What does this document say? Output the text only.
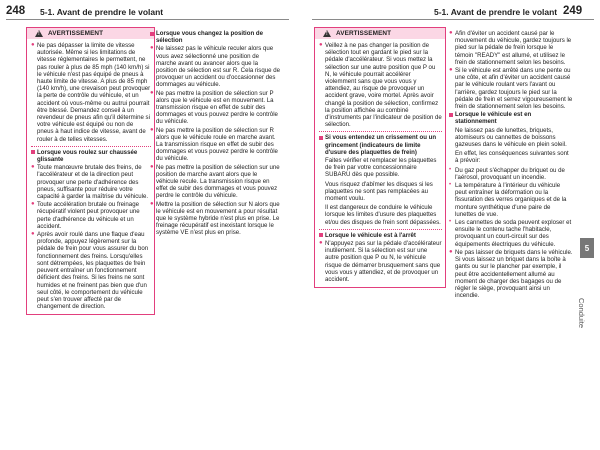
248 5-1. Avant de prendre le volant	5-1. Avant de prendre le volant 249
!
AVERTISSEMENT
● Ne pas dépasser la limite de vitesse autorisée. Même si les limitations de vitesse réglementaires le permettent, ne pas rouler à plus de 85 mph (140 km/h) si le véhicule n'est pas équipé de pneus à haute limite de vitesse. A plus de 85 mph (140 km/h), une crevaison peut provoquer la perte de contrôle du véhicule, et un accident où vous-même ou autrui pourrait être blessé. Demandez conseil à un revendeur de pneus afin qu'il détermine si votre véhicule est équipé ou non de pneus à haut indice de vitesse, avant de rouler à de telles vitesses.
Lorsque vous roulez sur chaussée glissante
● Toute manœuvre brutale des freins, de l'accélérateur et de la direction peut provoquer une perte d'adhérence des pneus, suffisante pour réduire votre capacité à garder la maîtrise du véhicule.
● Toute accélération brutale ou freinage récupératif violent peut provoquer une perte d'adhérence du véhicule et un accident.
● Après avoir roulé dans une flaque d'eau profonde, appuyez légèrement sur la pédale de frein pour vous assurer du bon fonctionnement des freins. Lorsqu'elles sont détrempées, les plaquettes de frein peuvent entraîner un fonctionnement déficient des freins. Si les freins ne sont humides et ne freinent pas bien que d'un seul côté, le comportement du véhicule peut s'en trouver affecté par de changement de direction.
Lorsque vous changez la position de sélection
● Ne laissez pas le véhicule reculer alors que vous avez sélectionné une position de marche avant ou avancer alors que la position de sélection est sur R. Cela risque de provoquer un accident ou d'occasionner des dommages au véhicule.
● Ne pas mettre la position de sélection sur P alors que le véhicule est en mouvement. La transmission risque en effet de subir des dommages et vous pouvez perdre le contrôle du véhicule.
● Ne pas mettre la position de sélection sur R alors que le véhicule roule en marche avant. La transmission risque en effet de subir des dommages et vous pouvez perdre le contrôle du véhicule.
● Ne pas mettre la position de sélection sur une position de marche avant alors que le véhicule recule. La transmission risque en effet de subir des dommages et vous pouvez perdre le contrôle du véhicule.
● Mettre la position de sélection sur N alors que le véhicule est en mouvement a pour résultat que le système hybride n'est plus en prise. Le freinage récupératif est inexistant lorsque le système VE n'est plus en prise.
!
AVERTISSEMENT
● Veillez à ne pas changer la position de sélection tout en gardant le pied sur la pédale d'accélérateur. Si vous mettez la sélection sur une autre position que P ou N, le véhicule pourrait accélérer violemment sans que vous vous y attendiez, au risque de provoquer un accident grave, voire mortel. Après avoir changé la position de sélection, confirmez la position affichée au combiné d'instruments par l'indicateur de position de sélection.
Si vous entendez un crissement ou un grincement (indicateurs de limite d'usure des plaquettes de frein)
Faites vérifier et remplacer les plaquettes de frein par votre concessionnaire SUBARU dès que possible.
Vous risquez d'abîmer les disques si les plaquettes ne sont pas remplacées au moment voulu.
Il est dangereux de conduire le véhicule lorsque les limites d'usure des plaquettes et/ou des disques de frein sont dépassées.
Lorsque le véhicule est à l'arrêt
● N'appuyez pas sur la pédale d'accélérateur inutilement. Si la sélection est sur une autre position que P ou N, le véhicule risque de démarrer brusquement sans que vous vous y attendiez, et de provoquer un accident.
● Afin d'éviter un accident causé par le mouvement du véhicule, gardez toujours le pied sur la pédale de frein lorsque le témoin "READY" est allumé, et utilisez le frein de stationnement selon les besoins.
● Si le véhicule est arrêté dans une pente ou une côte, et afin d'éviter un accident causé par le véhicule roulant vers l'avant ou l'arrière, gardez toujours le pied sur la pédale de frein et serrez vigoureusement le frein de stationnement selon les besoins.
Lorsque le véhicule est en stationnement
Ne laissez pas de lunettes, briquets, atomiseurs ou cannettes de boissons gazeuses dans le véhicule en plein soleil.
En effet, les conséquences suivantes sont à prévoir:
• Du gaz peut s'échapper du briquet ou de l'aérosol, provoquant un incendie.
• La température à l'intérieur du véhicule peut entraîner la déformation ou la fissuration des verres organiques et de la monture synthétique d'une paire de lunettes de vue.
• Les cannettes de soda peuvent exploser et ensuite le contenu tache l'habitacle, provoquant un court-circuit sur des équipements électriques du véhicule.
● Ne pas laisser de briquets dans le véhicule. Si vous laissez un briquet dans la boîte à gants ou sur le plancher par exemple, il peut être accidentellement allumé au moment de charger des bagages ou de régler le siège, provoquant ainsi un incendie.
5
Conduite
